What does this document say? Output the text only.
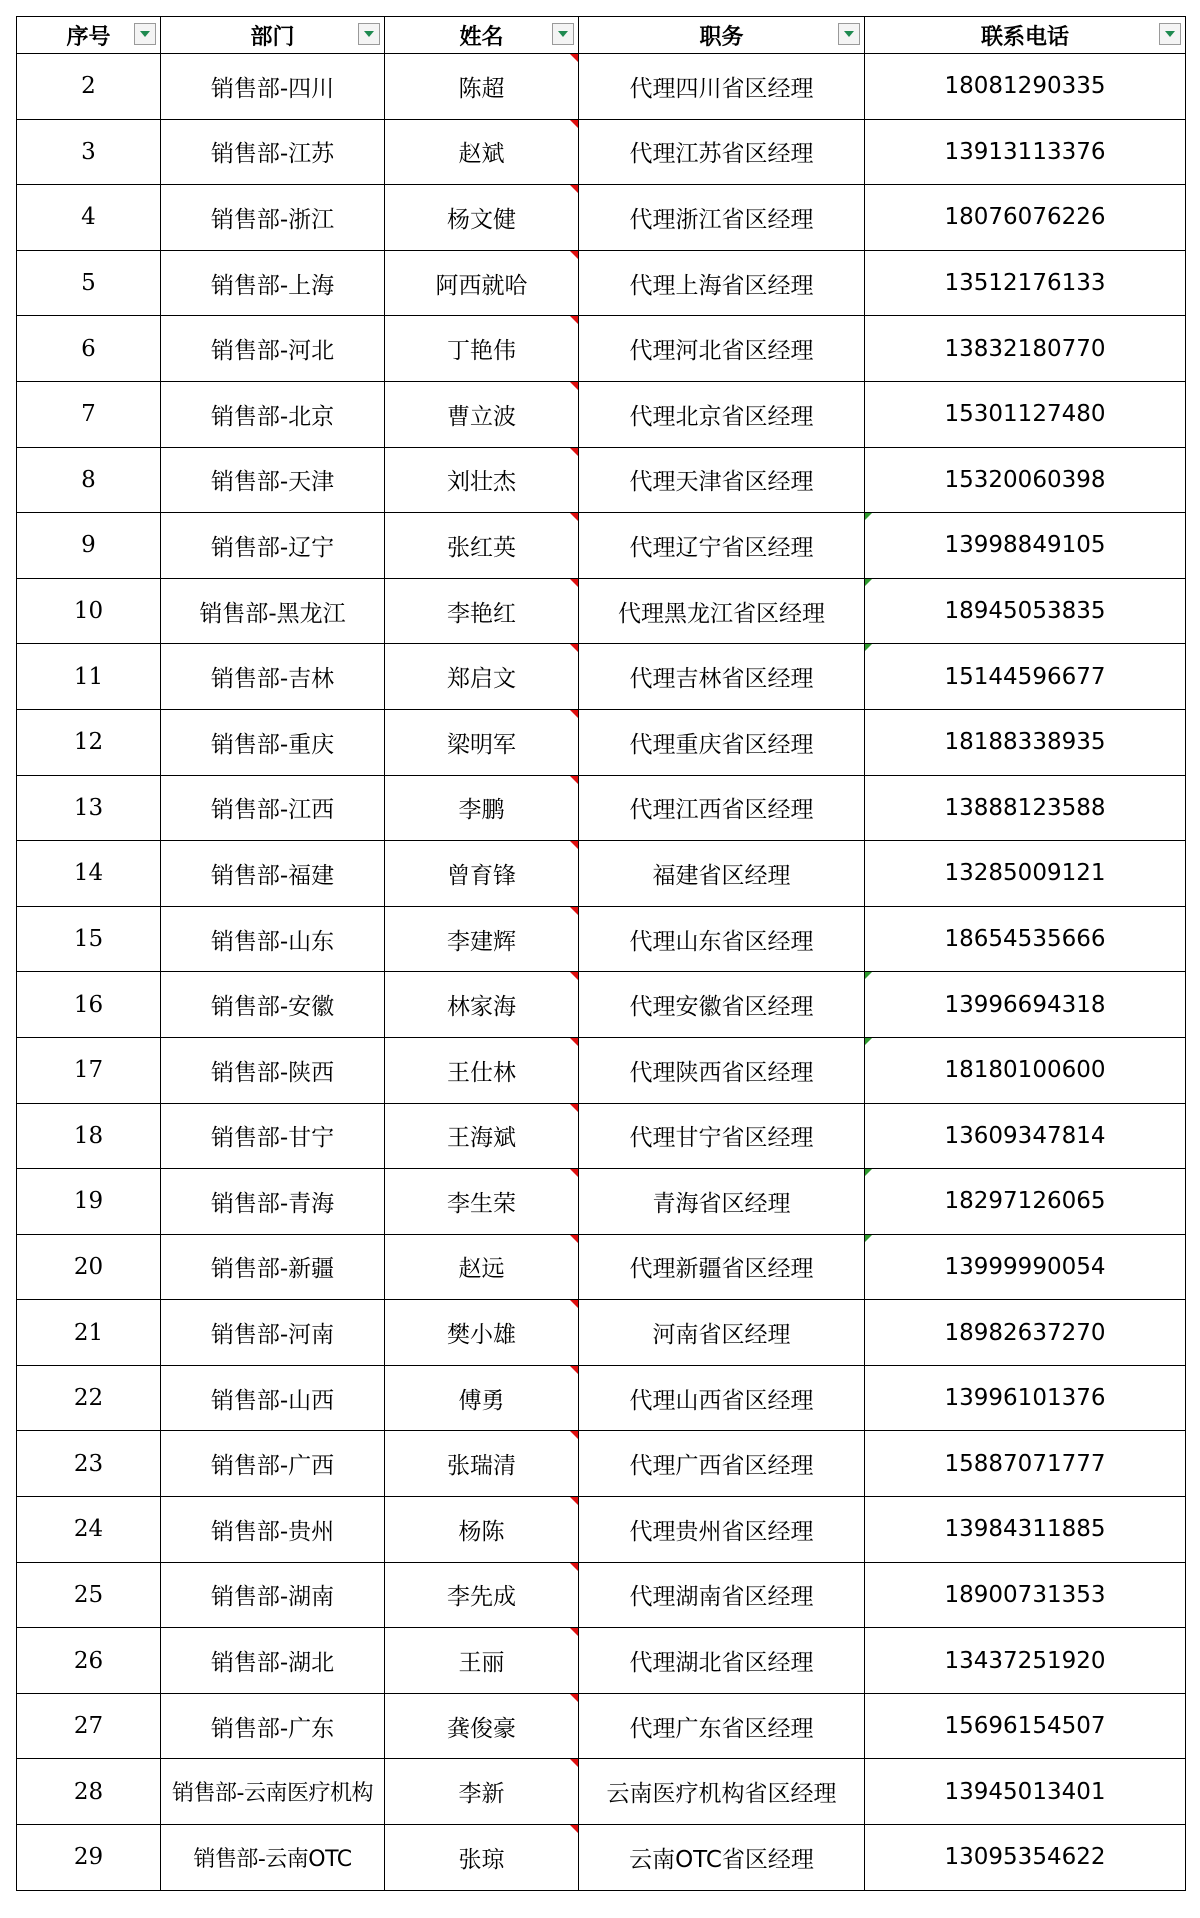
序号	部门	姓名	职务	联系电话

2	销售部-四川	陈超	代理四川省区经理	18081290335
3	销售部-江苏	赵斌	代理江苏省区经理	13913113376
4	销售部-浙江	杨文健	代理浙江省区经理	18076076226
5	销售部-上海	阿西就哈	代理上海省区经理	13512176133
6	销售部-河北	丁艳伟	代理河北省区经理	13832180770
7	销售部-北京	曹立波	代理北京省区经理	15301127480
8	销售部-天津	刘壮杰	代理天津省区经理	15320060398
9	销售部-辽宁	张红英	代理辽宁省区经理	13998849105
10	销售部-黑龙江	李艳红	代理黑龙江省区经理	18945053835
11	销售部-吉林	郑启文	代理吉林省区经理	15144596677
12	销售部-重庆	梁明军	代理重庆省区经理	18188338935
13	销售部-江西	李鹏	代理江西省区经理	13888123588
14	销售部-福建	曾育锋	福建省区经理	13285009121
15	销售部-山东	李建辉	代理山东省区经理	18654535666
16	销售部-安徽	林家海	代理安徽省区经理	13996694318
17	销售部-陕西	王仕林	代理陕西省区经理	18180100600
18	销售部-甘宁	王海斌	代理甘宁省区经理	13609347814
19	销售部-青海	李生荣	青海省区经理	18297126065
20	销售部-新疆	赵远	代理新疆省区经理	13999990054
21	销售部-河南	樊小雄	河南省区经理	18982637270
22	销售部-山西	傅勇	代理山西省区经理	13996101376
23	销售部-广西	张瑞清	代理广西省区经理	15887071777
24	销售部-贵州	杨陈	代理贵州省区经理	13984311885
25	销售部-湖南	李先成	代理湖南省区经理	18900731353
26	销售部-湖北	王丽	代理湖北省区经理	13437251920
27	销售部-广东	龚俊豪	代理广东省区经理	15696154507
28	销售部-云南医疗机构	李新	云南医疗机构省区经理	13945013401
29	销售部-云南OTC	张琼	云南OTC省区经理	13095354622
